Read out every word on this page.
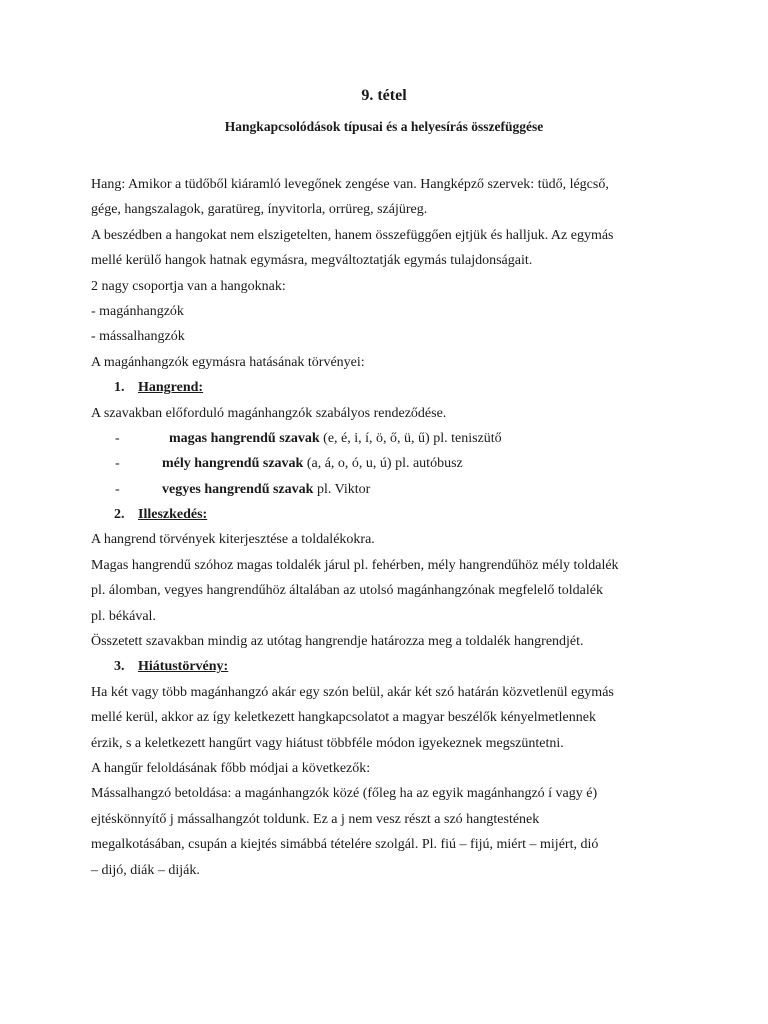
9. tétel
Hangkapcsolódások típusai és a helyesírás összefüggése
Hang: Amikor a tüdőből kiáramló levegőnek zengése van. Hangképző szervek: tüdő, légcső,
gége, hangszalagok, garatüreg, ínyvitorla, orrüreg, szájüreg.
A beszédben a hangokat nem elszigetelten, hanem összefüggően ejtjük és halljuk. Az egymás
mellé kerülő hangok hatnak egymásra, megváltoztatják egymás tulajdonságait.
2 nagy csoportja van a hangoknak:
- magánhangzók
- mássalhangzók
A magánhangzók egymásra hatásának törvényei:
1. Hangrend:
A szavakban előforduló magánhangzók szabályos rendeződése.
-	magas hangrendű szavak (e, é, i, í, ö, ő, ü, ű) pl. teniszütő
-	mély hangrendű szavak (a, á, o, ó, u, ú) pl. autóbusz
-	vegyes hangrendű szavak pl. Viktor
2. Illeszkedés:
A hangrend törvények kiterjesztése a toldalékokra.
Magas hangrendű szóhoz magas toldalék járul pl. fehérben, mély hangrendűhöz mély toldalék
pl. álomban, vegyes hangrendűhöz általában az utolsó magánhangzónak megfelelő toldalék
pl. békával.
Összetett szavakban mindig az utótag hangrendje határozza meg a toldalék hangrendjét.
3. Hiátustörvény:
Ha két vagy több magánhangzó akár egy szón belül, akár két szó határán közvetlenül egymás
mellé kerül, akkor az így keletkezett hangkapcsolatot a magyar beszélők kényelmetlennek
érzik, s a keletkezett hangűrt vagy hiátust többféle módon igyekeznek megszüntetni.
A hangűr feloldásának főbb módjai a következők:
Mássalhangzó betoldása: a magánhangzók közé (főleg ha az egyik magánhangzó í vagy é)
ejtéskönnyítő j mássalhangzót toldunk. Ez a j nem vesz részt a szó hangtestének
megalkotásában, csupán a kiejtés simábbá tételére szolgál. Pl. fiú – fijú, miért – mijért, dió
– dijó, diák – diják.
